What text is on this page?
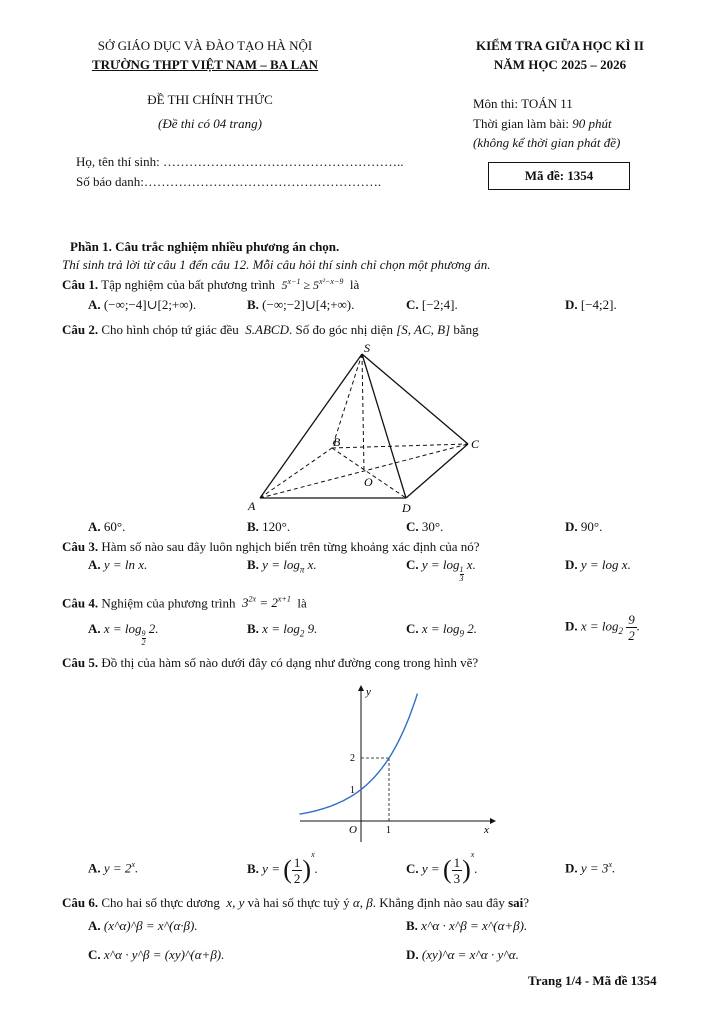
SỞ GIÁO DỤC VÀ ĐÀO TẠO HÀ NỘI
TRƯỜNG THPT VIỆT NAM – BA LAN
KIỂM TRA GIỮA HỌC KÌ II
NĂM HỌC 2025 – 2026
ĐỀ THI CHÍNH THỨC
(Đề thi có 04 trang)
Môn thi: TOÁN 11
Thời gian làm bài: 90 phút
(không kể thời gian phát đề)
Họ, tên thí sinh: ………………………………………………..
Số báo danh:……………………………………………….	Mã đề: 1354
Phần 1. Câu trắc nghiệm nhiều phương án chọn.
Thí sinh trả lời từ câu 1 đến câu 12. Mỗi câu hỏi thí sinh chỉ chọn một phương án.
Câu 1. Tập nghiệm của bất phương trình $5^{x-1} \ge 5^{x^2-x-9}$ là
A. (−∞;−4]∪[2;+∞).	B. (−∞;−2]∪[4;+∞).	C. [−2;4].	D. [−4;2].
Câu 2. Cho hình chóp tứ giác đều S.ABCD. Số đo góc nhị diện [S, AC, B] bằng
S
A
B	C
D
O
A. 60°.	B. 120°.	C. 30°.	D. 90°.
Câu 3. Hàm số nào sau đây luôn nghịch biến trên từng khoảng xác định của nó?
A. y = ln x.	B. $y = \log_\pi x$.	C. y = log
$\frac{1}{3}$
x.	D. y = log x.
Câu 4. Nghiệm của phương trình $3^{2x} = 2^{x+1}$ là
A. x = log
$\frac{9}{2}$
2.	B. $x = \log_2 9$.	C. $x = \log_9 2$.	D. $x = \log_2 \frac{9}{2}$ .
Câu 5. Đồ thị của hàm số nào dưới đây có dạng như đường cong trong hình vẽ?
y
x
O	1
1
2
A. $y = 2^x$.	B. y = ( $\frac{1}{2} )^x$.	C. y = ( $\frac{1}{3} )^x$.	D. $y = 3^x$.
Câu 6. Cho hai số thực dương x, y và hai số thực tuỳ ý α, β. Khẳng định nào sau đây sai?
A. (x^α)^β = x^(α·β).	B. x^α · x^β = x^(α+β).
C. x^α · y^β = (xy)^(α+β).	D. (xy)^α = x^α · y^α.
Trang 1/4 - Mã đề 1354
